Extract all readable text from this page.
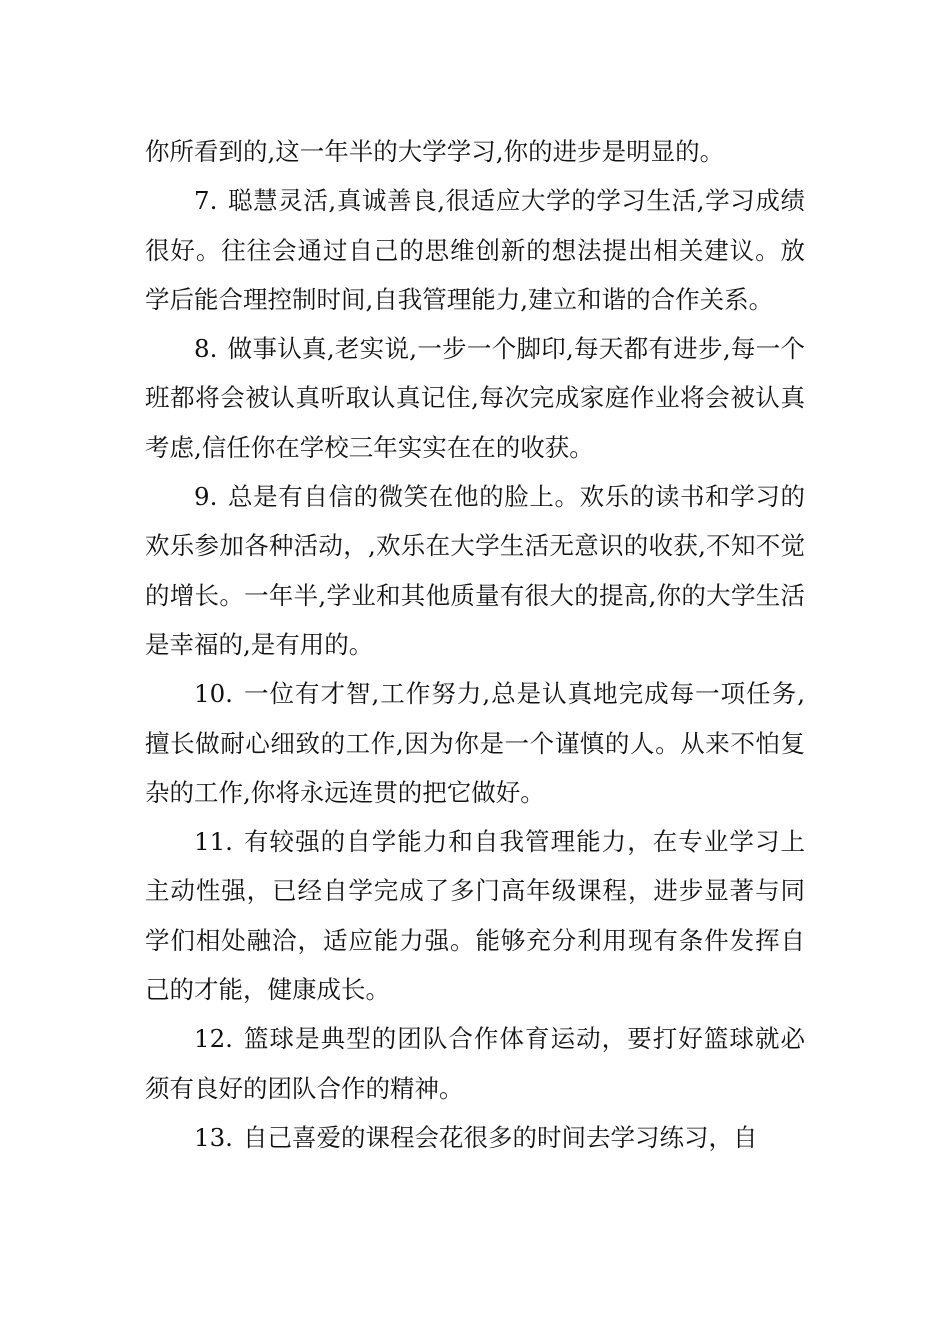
你所看到的,这一年半的大学学习,你的进步是明显的。

7. 聪慧灵活,真诚善良,很适应大学的学习生活,学习成绩很好。往往会通过自己的思维创新的想法提出相关建议。放学后能合理控制时间,自我管理能力,建立和谐的合作关系。

8. 做事认真,老实说,一步一个脚印,每天都有进步,每一个班都将会被认真听取认真记住,每次完成家庭作业将会被认真考虑,信任你在学校三年实实在在的收获。

9. 总是有自信的微笑在他的脸上。欢乐的读书和学习的欢乐参加各种活动，,欢乐在大学生活无意识的收获,不知不觉的增长。一年半,学业和其他质量有很大的提高,你的大学生活是幸福的,是有用的。

10. 一位有才智,工作努力,总是认真地完成每一项任务,擅长做耐心细致的工作,因为你是一个谨慎的人。从来不怕复杂的工作,你将永远连贯的把它做好。

11. 有较强的自学能力和自我管理能力，在专业学习上主动性强，已经自学完成了多门高年级课程，进步显著与同学们相处融洽，适应能力强。能够充分利用现有条件发挥自己的才能，健康成长。

12. 篮球是典型的团队合作体育运动，要打好篮球就必须有良好的团队合作的精神。

13. 自己喜爱的课程会花很多的时间去学习练习，自
